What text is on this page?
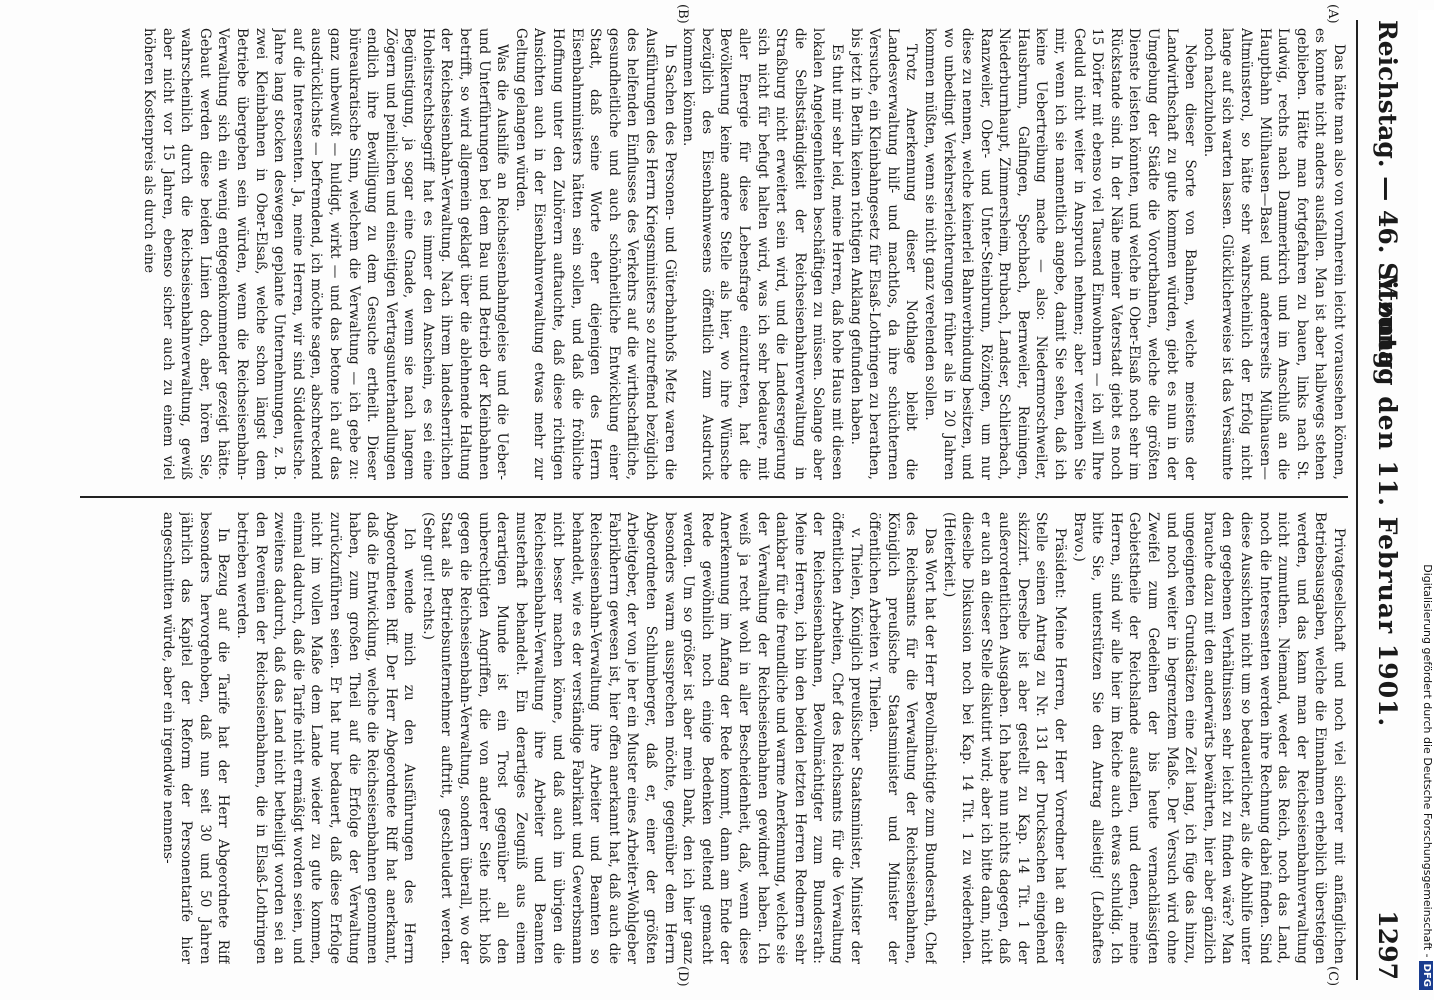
Reichstag. — 46. Sitzung.
Montag den 11. Februar 1901.
1297

Das hätte man also von vornherein leicht voraussehen können, es konnte nicht anders ausfallen. Man ist aber halbwegs stehen geblieben. Hätte man fortgefahren zu bauen, links nach St. Ludwig, rechts nach Dammerkirch und im Anschluß an die Hauptbahn Mülhausen—Basel und andererseits Mülhausen—Altmünsterol, so hätte sehr wahrscheinlich der Erfolg nicht lange auf sich warten lassen. Glücklicherweise ist das Versäumte noch nachzuholen.

Neben dieser Sorte von Bahnen, welche meistens der Landwirthschaft zu gute kommen würden, giebt es nun in der Umgebung der Städte die Vorortbahnen, welche die größten Dienste leisten könnten, und welche in Ober-Elsaß noch sehr im Rückstande sind. In der Nähe meiner Vaterstadt giebt es noch 15 Dörfer mit ebenso viel Tausend Einwohnern — ich will Ihre Geduld nicht weiter in Anspruch nehmen; aber verzeihen Sie mir, wenn ich sie namentlich angebe, damit Sie sehen, daß ich keine Uebertreibung mache — also: Niedermorschweiler, Hausbrunn, Galfingen, Spechbach, Bernweiler, Reiningen, Niederburnhaupt, Zimmersheim, Brubach, Landser, Schlierbach, Ranzweiler, Ober- und Unter-Steinbrunn, Rözingen, um nur diese zu nennen, welche keinerlei Bahnverbindung besitzen, und wo unbedingt Verkehrserleichterungen früher als in 20 Jahren kommen müßten, wenn sie nicht ganz verelenden sollen.

Trotz Anerkennung dieser Nothlage bleibt die Landesverwaltung hilf- und machtlos, da ihre schüchternen Versuche, ein Kleinbahngesetz für Elsaß-Lothringen zu berathen, bis jetzt in Berlin keinen richtigen Anklang gefunden haben.

Es thut mir sehr leid, meine Herren, daß hohe Haus mit diesen lokalen Angelegenheiten beschäftigen zu müssen. Solange aber die Selbstständigkeit der Reichseisenbahnverwaltung in Straßburg nicht erweitert sein wird, und die Landesregierung sich nicht für befugt halten wird, was ich sehr bedauere, mit aller Energie für diese Lebensfrage einzutreten, hat die Bevölkerung keine andere Stelle als hier, wo ihre Wünsche bezüglich des Eisenbahnwesens öffentlich zum Ausdruck kommen können.

In Sachen des Personen- und Güterbahnhofs Metz waren die Ausführungen des Herrn Kriegsministers so zutreffend bezüglich des helfenden Einflusses des Verkehrs auf die wirthschaftliche, gesundheitliche und auch schönheitliche Entwicklung einer Stadt, daß seine Worte eher diejenigen des Herrn Eisenbahnministers hätten sein sollen, und daß die fröhliche Hoffnung unter den Zuhörern auftauchte, daß diese richtigen Ansichten auch in der Eisenbahnverwaltung etwas mehr zur Geltung gelangen würden.

Was die Aushilfe an Reichseisenbahngeleise und die Ueber- und Unterführungen bei dem Bau und Betrieb der Kleinbahnen betrifft, so wird allgemein geklagt über die ablehnende Haltung der Reichseisenbahn-Verwaltung. Nach ihrem landesherrlichen Hoheitsrechtsbegriff hat es immer den Anschein, es sei eine Begünstigung, ja sogar eine Gnade, wenn sie nach langem Zögern und peinlichen und einseitigen Vertragsunterhandlungen endlich ihre Bewilligung zu dem Gesuche ertheilt. Dieser büreaukratische Sinn, welchem die Verwaltung — ich gebe zu: ganz unbewußt — huldigt, wirkt — und das betone ich auf das ausdrücklichste — befremdend, ich möchte sagen, abschreckend auf die Interessenten. Ja, meine Herren, wir sind Süddeutsche. Jahre lang stocken deswegen geplante Unternehmungen, z. B. zwei Kleinbahnen in Ober-Elsaß, welche schon längst dem Betriebe übergeben sein würden, wenn die Reichseisenbahn-Verwaltung sich ein wenig entgegenkommender gezeigt hätte. Gebaut werden diese beiden Linien doch, aber, hören Sie, wahrscheinlich durch die Reichseisenbahnverwaltung, gewiß aber nicht vor 15 Jahren, ebenso sicher auch zu einem viel höheren Kostenpreis als durch eine

Privatgesellschaft und noch viel sicherer mit anfänglichen Betriebsausgaben, welche die Einnahmen erheblich übersteigen werden, und das kann man der Reichseisenbahnverwaltung nicht zumuthen. Niemand, weder das Reich, noch das Land, noch die Interessenten werden ihre Rechnung dabei finden. Sind diese Aussichten nicht um so bedauerlicher, als die Abhilfe unter den gegebenen Verhältnissen sehr leicht zu finden wäre? Man brauche dazu mit den anderwärts bewährten, hier aber gänzlich ungeeigneten Grundsätzen eine Zeit lang, ich füge das hinzu, und noch weiter in begrenztem Maße. Der Versuch wird ohne Zweifel zum Gedeihen der bis heute vernachlässigten Gebietstheile der Reichslande ausfallen, und denen, meine Herren, sind wir alle hier im Reiche auch etwas schuldig. Ich bitte Sie, unterstützen Sie den Antrag allseitig! (Lebhaftes Bravo.)

Präsident: Meine Herren, der Herr Vorredner hat an dieser Stelle seinen Antrag zu Nr. 131 der Drucksachen eingehend skizzirt. Derselbe ist aber gestellt zu Kap. 14 Tit. 1 der außerordentlichen Ausgaben. Ich habe nun nichts dagegen, daß er auch an dieser Stelle diskutirt wird; aber ich bitte dann, nicht dieselbe Diskussion noch bei Kap. 14 Tit. 1 zu wiederholen. (Heiterkeit.)

Das Wort hat der Herr Bevollmächtigte zum Bundesrath, Chef des Reichsamts für die Verwaltung der Reichseisenbahnen, Königlich preußische Staatsminister und Minister der öffentlichen Arbeiten v. Thielen.

v. Thielen, Königlich preußischer Staatsminister, Minister der öffentlichen Arbeiten, Chef des Reichsamts für die Verwaltung der Reichseisenbahnen, Bevollmächtigter zum Bundesrath: Meine Herren, ich bin den beiden letzten Herren Rednern sehr dankbar für die freundliche und warme Anerkennung, welche sie der Verwaltung der Reichseisenbahnen gewidmet haben. Ich weiß ja recht wohl in aller Bescheidenheit, daß, wenn diese Anerkennung im Anfang der Rede kommt, dann am Ende der Rede gewöhnlich noch einige Bedenken geltend gemacht werden. Um so größer ist aber mein Dank, den ich hier ganz besonders warm aussprechen möchte, gegenüber dem Herrn Abgeordneten Schlumberger, daß er, einer der größten Arbeitgeber, der von je her ein Muster eines Arbeiter-Wohlgeber Fabrikherrn gewesen ist, hier offen anerkannt hat, daß auch die Reichseisenbahn-Verwaltung ihre Arbeiter und Beamten so behandelt, wie es der verständige Fabrikant und Gewerbsmann nicht besser machen könne, und daß auch im übrigen die Reichseisenbahn-Verwaltung ihre Arbeiter und Beamten musterhaft behandelt. Ein derartiges Zeugniß aus einem derartigen Munde ist ein Trost gegenüber all den unberechtigten Angriffen, die von anderer Seite nicht bloß gegen die Reichseisenbahn-Verwaltung, sondern überall, wo der Staat als Betriebsunternehmer auftritt, geschleudert werden. (Sehr gut! rechts.)

Ich wende mich zu den Ausführungen des Herrn Abgeordneten Riff. Der Herr Abgeordnete Riff hat anerkannt, daß die Entwicklung, welche die Reichseisenbahnen genommen haben, zum großen Theil auf die Erfolge der Verwaltung zurückzuführen seien. Er hat nur bedauert, daß diese Erfolge nicht im vollen Maße dem Lande wieder zu gute kommen, einmal dadurch, daß die Tarife nicht ermäßigt worden seien, und zweitens dadurch, daß das Land nicht betheiligt worden sei an den Revenüen der Reichseisenbahnen, die in Elsaß-Lothringen betrieben werden.

In Bezug auf die Tarife hat der Herr Abgeordnete Riff besonders hervorgehoben, daß nun seit 30 und 50 Jahren jährlich das Kapitel der Reform der Personentarife hier angeschnitten würde, aber ein irgendwie nennens-

(A)
(B)
(C)
(D)
Digitalisierung gefördert durch die Deutsche Forschungsgemeinschaft -DFG
